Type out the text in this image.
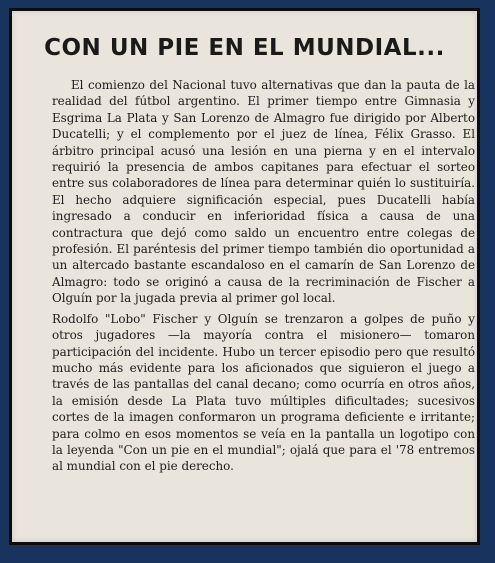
CON UN PIE EN EL MUNDIAL...

El comienzo del Nacional tuvo alternativas que dan la pauta de la realidad del fútbol argentino. El primer tiempo entre Gimnasia y Esgrima La Plata y San Lorenzo de Almagro fue dirigido por Alberto Ducatelli; y el complemento por el juez de línea, Félix Grasso. El árbitro principal acusó una lesión en una pierna y en el intervalo requirió la presencia de ambos capitanes para efectuar el sorteo entre sus colaboradores de línea para determinar quién lo sustituiría. El hecho adquiere significación especial, pues Ducatelli había ingresado a conducir en inferioridad física a causa de una contractura que dejó como saldo un encuentro entre colegas de profesión. El paréntesis del primer tiempo también dio oportunidad a un altercado bastante escandaloso en el camarín de San Lorenzo de Almagro: todo se originó a causa de la recriminación de Fischer a Olguín por la jugada previa al primer gol local.

Rodolfo "Lobo" Fischer y Olguín se trenzaron a golpes de puño y otros jugadores —la mayoría contra el misionero— tomaron participación del incidente. Hubo un tercer episodio pero que resultó mucho más evidente para los aficionados que siguieron el juego a través de las pantallas del canal decano; como ocurría en otros años, la emisión desde La Plata tuvo múltiples dificultades; sucesivos cortes de la imagen conformaron un programa deficiente e irritante; para colmo en esos momentos se veía en la pantalla un logotipo con la leyenda "Con un pie en el mundial"; ojalá que para el '78 entremos al mundial con el pie derecho.
